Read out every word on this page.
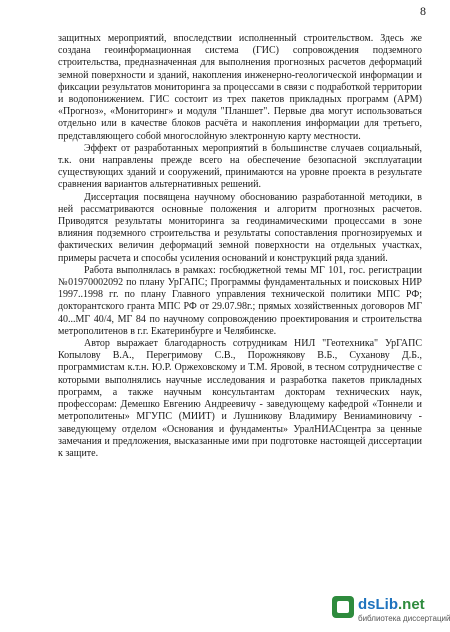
8

защитных мероприятий, впоследствии исполненный строительством. Здесь же создана геоинформационная система (ГИС) сопровождения подземного строительства, предназначенная для выполнения прогнозных расчетов деформаций земной поверхности и зданий, накопления инженерно-геологической информации и фиксации результатов мониторинга за процессами в связи с подработкой территории и водопонижением. ГИС состоит из трех пакетов прикладных программ (АРМ) «Прогноз», «Мониторинг» и модуля "Планшет". Первые два могут использоваться отдельно или в качестве блоков расчёта и накопления информации для третьего, представляющего собой многослойную электронную карту местности.

Эффект от разработанных мероприятий в большинстве случаев социальный, т.к. они направлены прежде всего на обеспечение безопасной эксплуатации существующих зданий и сооружений, принимаются на уровне проекта в результате сравнения вариантов альтернативных решений.

Диссертация посвящена научному обоснованию разработанной методики, в ней рассматриваются основные положения и алгоритм прогнозных расчетов. Приводятся результаты мониторинга за геодинамическими процессами в зоне влияния подземного строительства и результаты сопоставления прогнозируемых и фактических величин деформаций земной поверхности на отдельных участках, примеры расчета и способы усиления оснований и конструкций ряда зданий.

Работа выполнялась в рамках: госбюджетной темы МГ 101, гос. регистрации №01970002092 по плану УрГАПС; Программы фундаментальных и поисковых НИР 1997..1998 гг. по плану Главного управления технической политики МПС РФ; докторантского гранта МПС РФ от 29.07.98г.; прямых хозяйственных договоров МГ 40...МГ 40/4, МГ 84 по научному сопровождению проектирования и строительства метрополитенов в г.г. Екатеринбурге и Челябинске.

Автор выражает благодарность сотрудникам НИЛ "Геотехника" УрГАПС Копылову В.А., Перегримову С.В., Порожнякову В.Б., Суханову Д.Б., программистам к.т.н. Ю.Р. Оржеховскому и Т.М. Яровой, в тесном сотрудничестве с которыми выполнялись научные исследования и разработка пакетов прикладных программ, а также научным консультантам докторам технических наук, профессорам: Демешко Евгению Андреевичу - заведующему кафедрой «Тоннели и метрополитены» МГУПС (МИИТ) и Лушникову Владимиру Вениаминовичу - заведующему отделом «Основания и фундаменты» УралНИАСцентра за ценные замечания и предложения, высказанные ими при подготовке настоящей диссертации к защите.

dsLib.net
библиотека диссертаций
